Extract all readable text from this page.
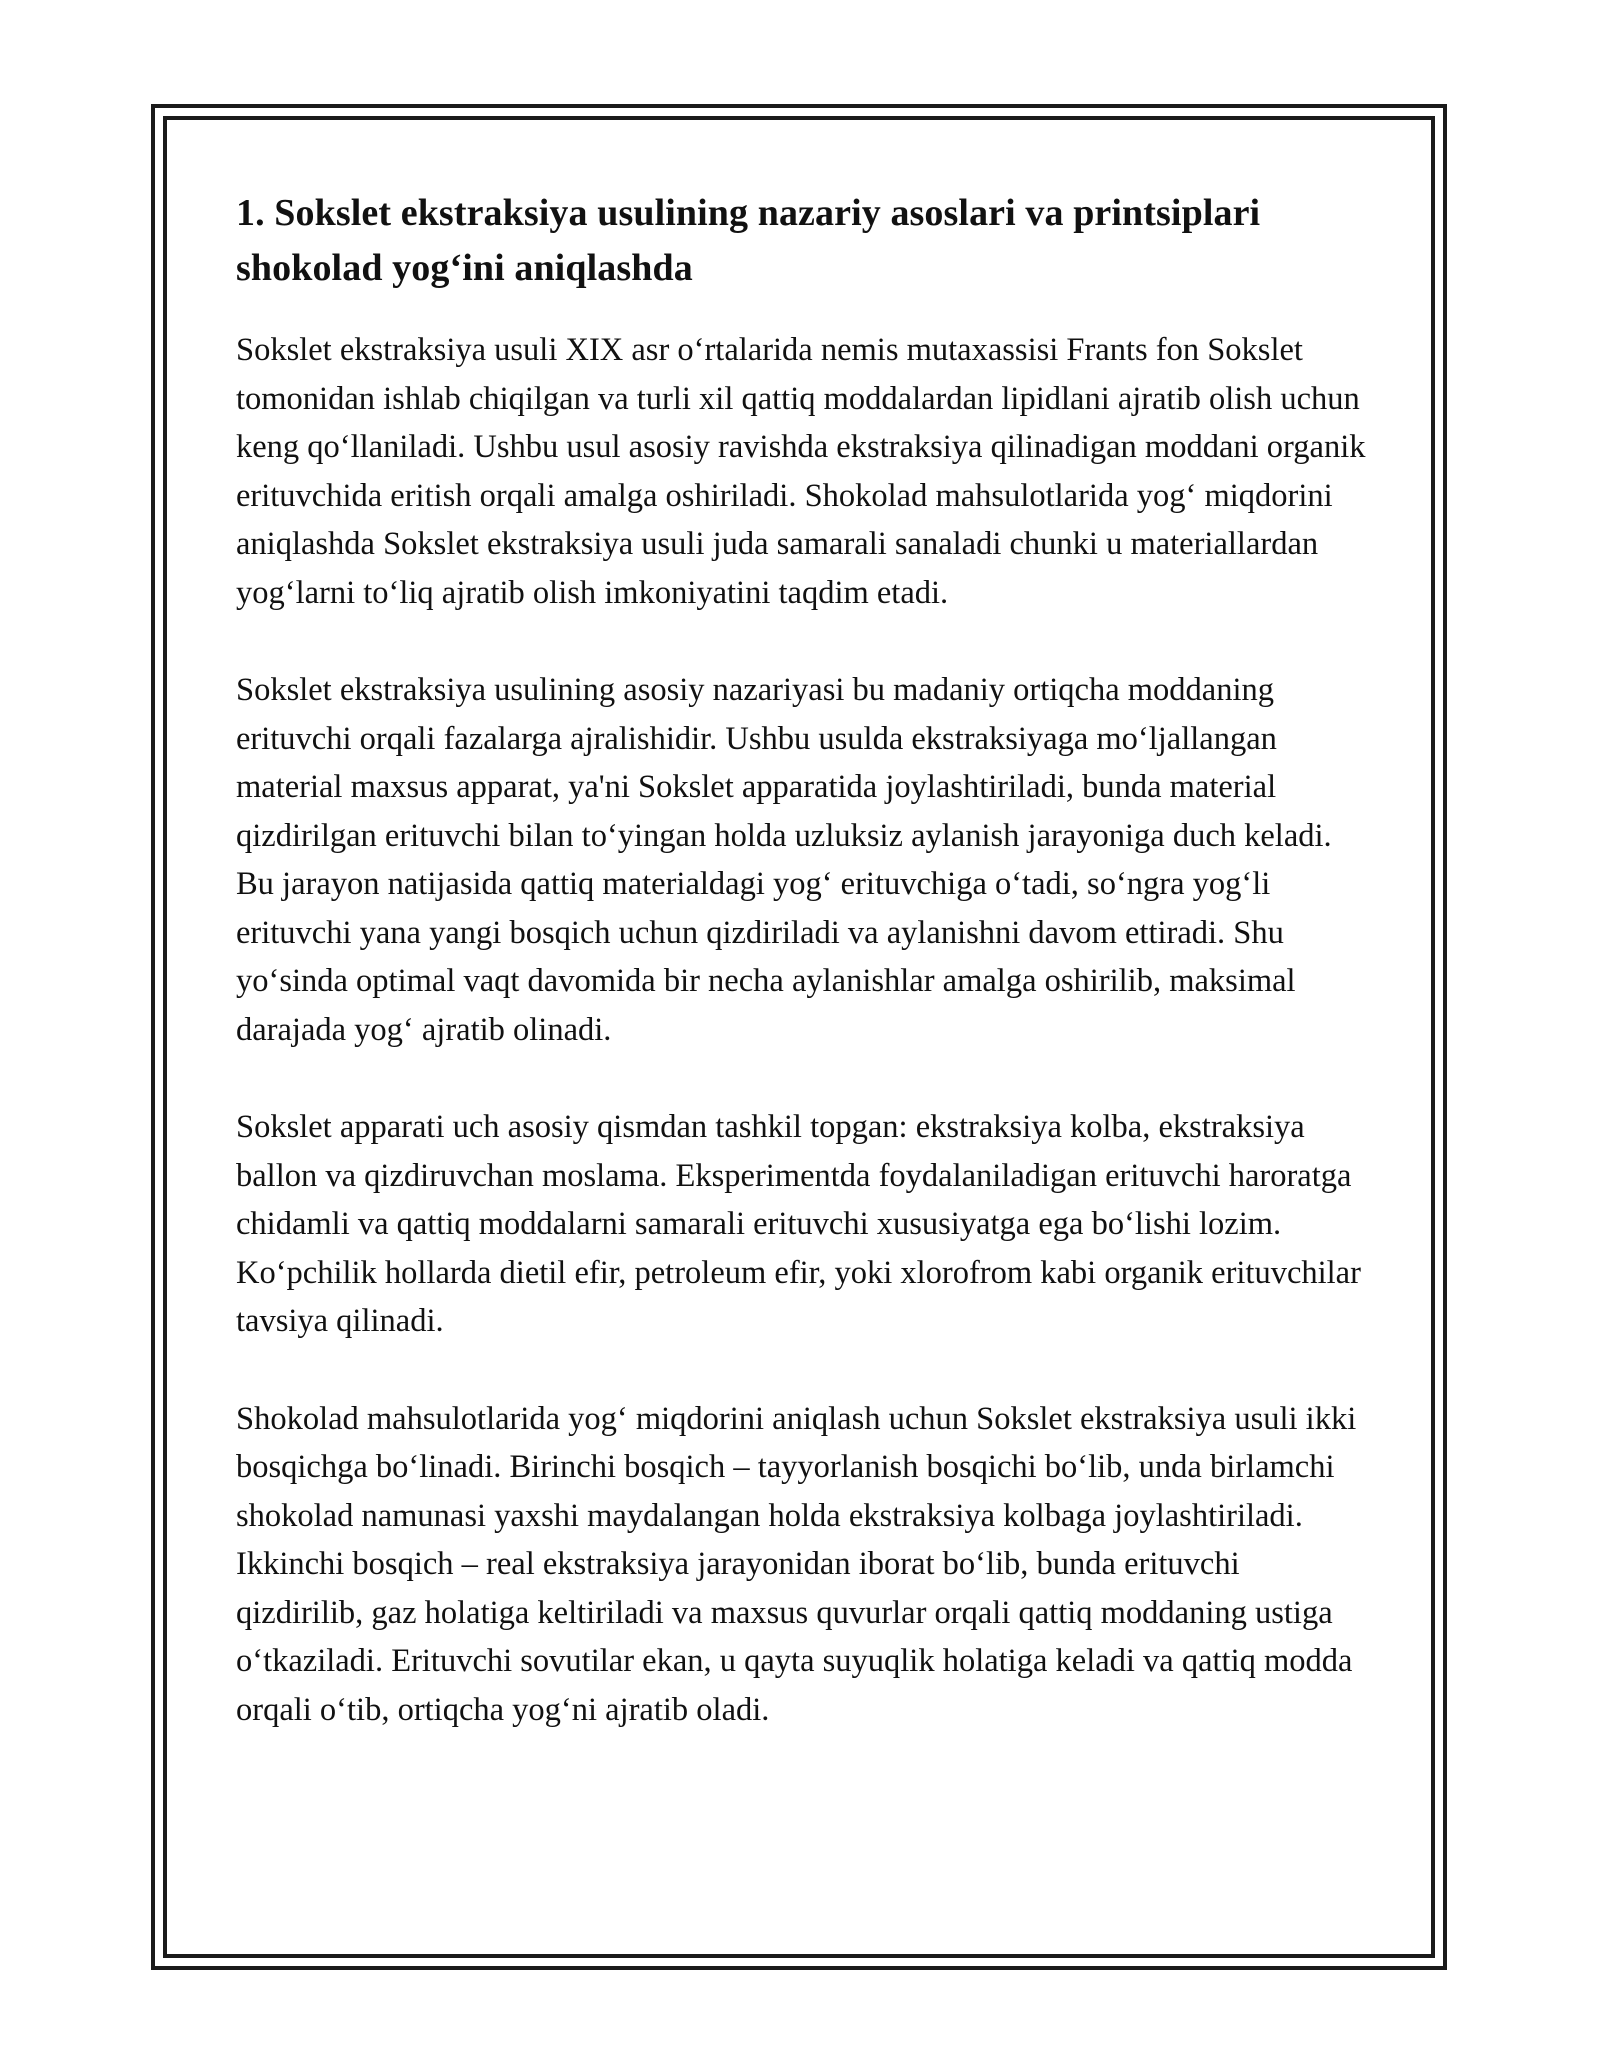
1. Sokslet ekstraksiya usulining nazariy asoslari va printsiplari shokolad yog‘ini aniqlashda

Sokslet ekstraksiya usuli XIX asr o‘rtalarida nemis mutaxassisi Frants fon Sokslet tomonidan ishlab chiqilgan va turli xil qattiq moddalardan lipidlani ajratib olish uchun keng qo‘llaniladi. Ushbu usul asosiy ravishda ekstraksiya qilinadigan moddani organik erituvchida eritish orqali amalga oshiriladi. Shokolad mahsulotlarida yog‘ miqdorini aniqlashda Sokslet ekstraksiya usuli juda samarali sanaladi chunki u materiallardan yog‘larni to‘liq ajratib olish imkoniyatini taqdim etadi.

Sokslet ekstraksiya usulining asosiy nazariyasi bu madaniy ortiqcha moddaning erituvchi orqali fazalarga ajralishidir. Ushbu usulda ekstraksiyaga mo‘ljallangan material maxsus apparat, ya'ni Sokslet apparatida joylashtiriladi, bunda material qizdirilgan erituvchi bilan to‘yingan holda uzluksiz aylanish jarayoniga duch keladi. Bu jarayon natijasida qattiq materialdagi yog‘ erituvchiga o‘tadi, so‘ngra yog‘li erituvchi yana yangi bosqich uchun qizdiriladi va aylanishni davom ettiradi. Shu yo‘sinda optimal vaqt davomida bir necha aylanishlar amalga oshirilib, maksimal darajada yog‘ ajratib olinadi.

Sokslet apparati uch asosiy qismdan tashkil topgan: ekstraksiya kolba, ekstraksiya ballon va qizdiruvchan moslama. Eksperimentda foydalaniladigan erituvchi haroratga chidamli va qattiq moddalarni samarali erituvchi xususiyatga ega bo‘lishi lozim. Ko‘pchilik hollarda dietil efir, petroleum efir, yoki xlorofrom kabi organik erituvchilar tavsiya qilinadi.

Shokolad mahsulotlarida yog‘ miqdorini aniqlash uchun Sokslet ekstraksiya usuli ikki bosqichga bo‘linadi. Birinchi bosqich – tayyorlanish bosqichi bo‘lib, unda birlamchi shokolad namunasi yaxshi maydalangan holda ekstraksiya kolbaga joylashtiriladi. Ikkinchi bosqich – real ekstraksiya jarayonidan iborat bo‘lib, bunda erituvchi qizdirilib, gaz holatiga keltiriladi va maxsus quvurlar orqali qattiq moddaning ustiga o‘tkaziladi. Erituvchi sovutilar ekan, u qayta suyuqlik holatiga keladi va qattiq modda orqali o‘tib, ortiqcha yog‘ni ajratib oladi.
